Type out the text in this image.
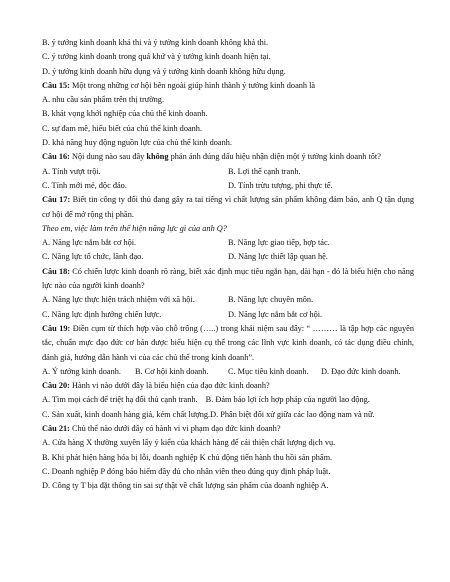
B. ý tưởng kinh doanh khả thi và ý tưởng kinh doanh không khả thi.
C. ý tưởng kinh doanh trong quá khứ và ý tưởng kinh doanh hiện tại.
D. ý tưởng kinh doanh hữu dụng và ý tưởng kinh doanh không hữu dụng.
Câu 15: Một trong những cơ hội bên ngoài giúp hình thành ý tưởng kinh doanh là
A. nhu cầu sản phẩm trên thị trường.
B. khát vọng khởi nghiệp của chủ thể kinh doanh.
C. sự đam mê, hiểu biết của chủ thể kinh doanh.
D. khả năng huy động nguồn lực của chủ thể kinh doanh.
Câu 16: Nội dung nào sau đây không phản ánh đúng dấu hiệu nhận diện một ý tưởng kinh doanh tốt?
A. Tính vượt trội.	B. Lợi thế cạnh tranh.
C. Tính mới mẻ, độc đáo.	D. Tính trừu tượng, phi thực tế.
Câu 17: Biết tin công ty đối thủ đang gây ra tai tiếng vì chất lượng sản phẩm không đảm bảo, anh Q tận dụng cơ hội để mở rộng thị phần.
Theo em, việc làm trên thể hiện năng lực gì của anh Q?
A. Năng lực nắm bắt cơ hội.	B. Năng lực giao tiếp, hợp tác.
C. Năng lực tổ chức, lãnh đạo.	D. Năng lực thiết lập quan hệ.
Câu 18: Có chiến lược kinh doanh rõ ràng, biết xác định mục tiêu ngắn hạn, dài hạn - đó là biểu hiện cho năng lực nào của người kinh doanh?
A. Năng lực thực hiện trách nhiệm với xã hội.	B. Năng lực chuyên môn.
C. Năng lực định hướng chiến lược.	D. Năng lực nắm bắt cơ hội.
Câu 19: Điền cụm từ thích hợp vào chỗ trống (…..) trong khái niệm sau đây: “ ……… là tập hợp các nguyên tắc, chuẩn mực đạo đức cơ bản được biểu hiện cụ thể trong các lĩnh vực kinh doanh, có tác dụng điều chỉnh, đánh giá, hướng dẫn hành vi của các chủ thể trong kinh doanh”.
A. Ý tưởng kinh doanh.	B. Cơ hội kinh doanh.	C. Mục tiêu kinh doanh.	D. Đạo đức kinh doanh.
Câu 20: Hành vi nào dưới đây là biểu hiện của đạo đức kinh doanh?
A. Tìm mọi cách để triệt hạ đối thủ cạnh tranh. B. Đảm bảo lợi ích hợp pháp của người lao động.
C. Sản xuất, kinh doanh hàng giả, kém chất lượng. D. Phân biệt đối xử giữa các lao động nam và nữ.
Câu 21: Chủ thể nào dưới đây có hành vi vi phạm đạo đức kinh doanh?
A. Cửa hàng X thường xuyên lấy ý kiến của khách hàng để cải thiện chất lượng dịch vụ.
B. Khi phát hiện hàng hóa bị lỗi, doanh nghiệp K chủ động tiến hành thu hồi sản phẩm.
C. Doanh nghiệp P đóng bảo hiểm đầy đủ cho nhân viên theo đúng quy định pháp luật.
D. Công ty T bịa đặt thông tin sai sự thật về chất lượng sản phẩm của doanh nghiệp A.
